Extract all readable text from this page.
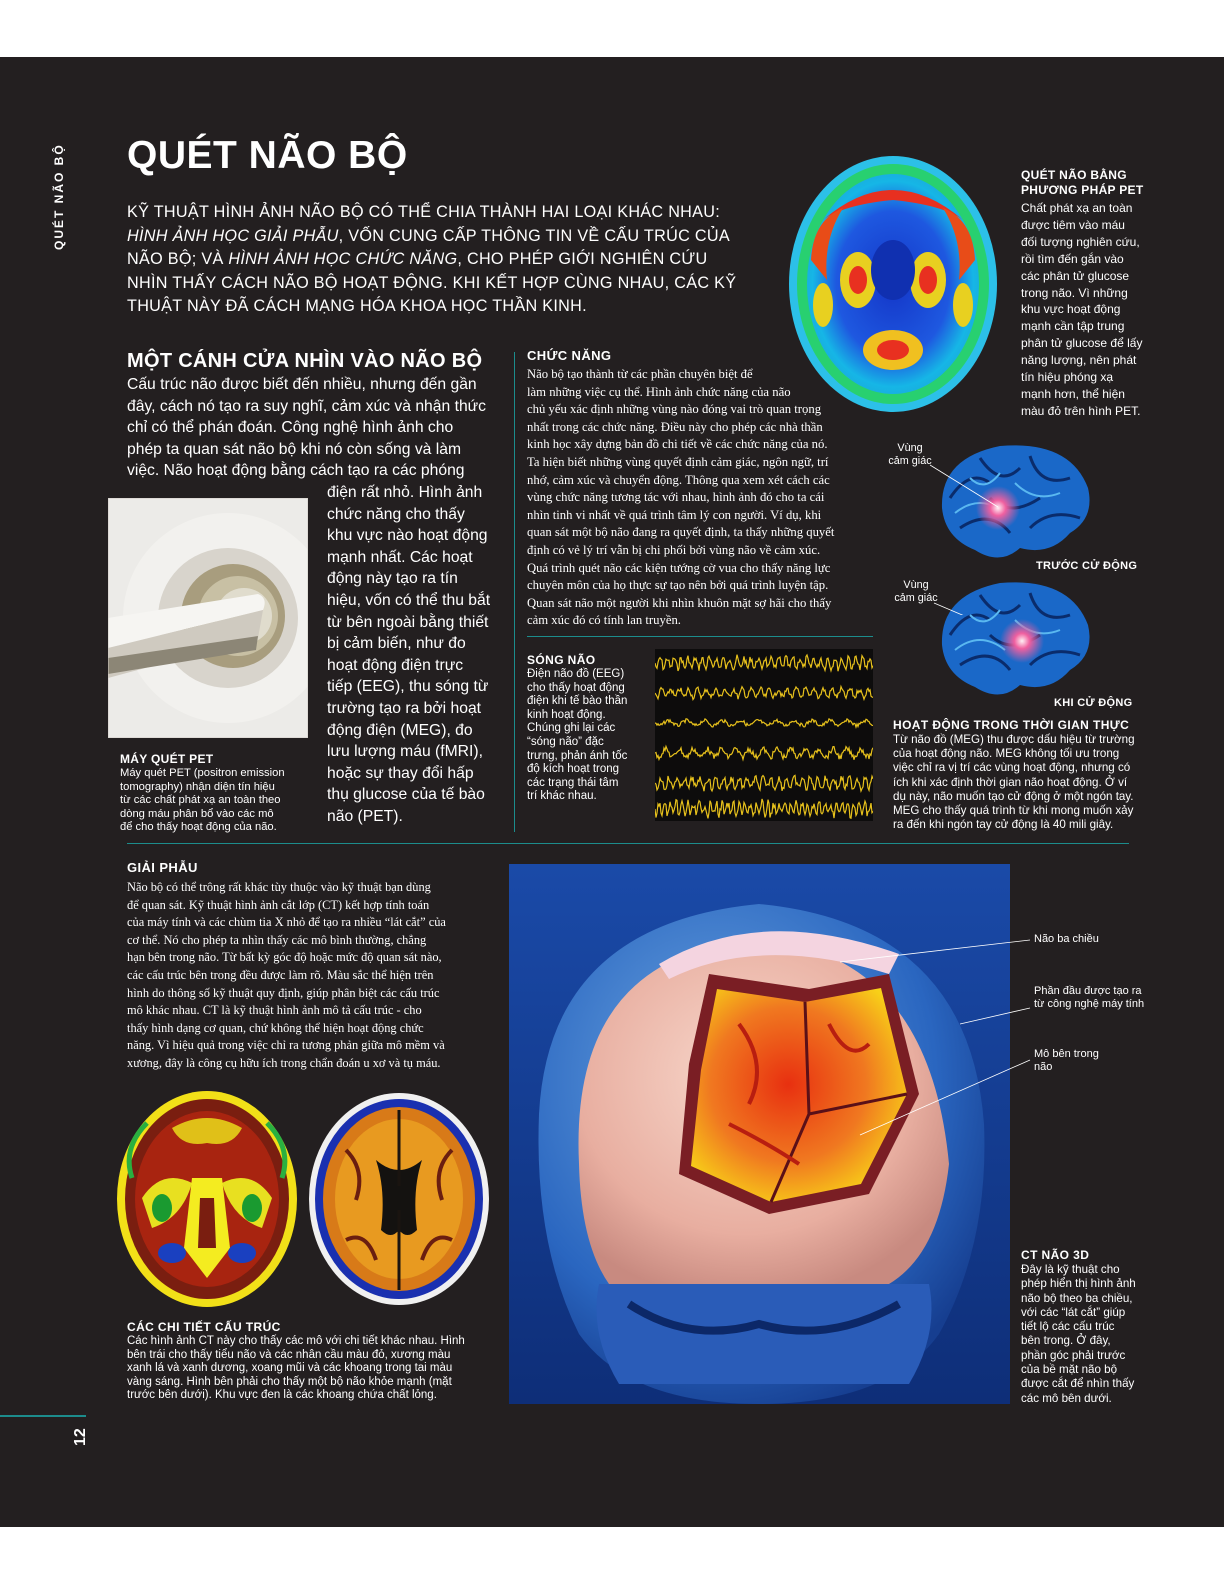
QUÉT NÃO BỘ
12
QUÉT NÃO BỘ
KỸ THUẬT HÌNH ẢNH NÃO BỘ CÓ THỂ CHIA THÀNH HAI LOẠI KHÁC NHAU: HÌNH ẢNH HỌC GIẢI PHẪU, VỐN CUNG CẤP THÔNG TIN VỀ CẤU TRÚC CỦA NÃO BỘ; VÀ HÌNH ẢNH HỌC CHỨC NĂNG, CHO PHÉP GIỚI NGHIÊN CỨU NHÌN THẤY CÁCH NÃO BỘ HOẠT ĐỘNG. KHI KẾT HỢP CÙNG NHAU, CÁC KỸ THUẬT NÀY ĐÃ CÁCH MẠNG HÓA KHOA HỌC THẦN KINH.
QUÉT NÃO BẰNG
PHƯƠNG PHÁP PET
Chất phát xạ an toàn
được tiêm vào máu
đối tượng nghiên cứu,
rồi tìm đến gắn vào
các phân tử glucose
trong não. Vì những
khu vực hoạt động
mạnh cần tập trung
phân tử glucose để lấy
năng lượng, nên phát
tín hiệu phóng xạ
mạnh hơn, thể hiện
màu đỏ trên hình PET.
MỘT CÁNH CỬA NHÌN VÀO NÃO BỘ
Cấu trúc não được biết đến nhiều, nhưng đến gần
đây, cách nó tạo ra suy nghĩ, cảm xúc và nhận thức
chỉ có thể phán đoán. Công nghệ hình ảnh cho
phép ta quan sát não bộ khi nó còn sống và làm
việc. Não hoạt động bằng cách tạo ra các phóng
điện rất nhỏ. Hình ảnh
chức năng cho thấy
khu vực nào hoạt động
mạnh nhất. Các hoạt
động này tạo ra tín
hiệu, vốn có thể thu bắt
từ bên ngoài bằng thiết
bị cảm biến, như đo
hoạt động điện trực
tiếp (EEG), thu sóng từ
trường tạo ra bởi hoạt
động điện (MEG), đo
lưu lượng máu (fMRI),
hoặc sự thay đổi hấp
thụ glucose của tế bào
não (PET).
MÁY QUÉT PET
Máy quét PET (positron emission
tomography) nhận diện tín hiệu
từ các chất phát xạ an toàn theo
dòng máu phân bổ vào các mô
để cho thấy hoạt động của não.
CHỨC NĂNG
Não bộ tạo thành từ các phần chuyên biệt để
làm những việc cụ thể. Hình ảnh chức năng của não
chủ yếu xác định những vùng nào đóng vai trò quan trọng
nhất trong các chức năng. Điều này cho phép các nhà thần
kinh học xây dựng bản đồ chi tiết về các chức năng của nó.
Ta hiện biết những vùng quyết định cảm giác, ngôn ngữ, trí
nhớ, cảm xúc và chuyển động. Thông qua xem xét cách các
vùng chức năng tương tác với nhau, hình ảnh đó cho ta cái
nhìn tinh vi nhất về quá trình tâm lý con người. Ví dụ, khi
quan sát một bộ não đang ra quyết định, ta thấy những quyết
định có vẻ lý trí vẫn bị chi phối bởi vùng não về cảm xúc.
Quá trình quét não các kiện tướng cờ vua cho thấy năng lực
chuyên môn của họ thực sự tạo nên bởi quá trình luyện tập.
Quan sát não một người khi nhìn khuôn mặt sợ hãi cho thấy
cảm xúc đó có tính lan truyền.
Vùng
cảm giác
TRƯỚC CỬ ĐỘNG
Vùng
cảm giác
KHI CỬ ĐỘNG
SÓNG NÃO
Điện não đồ (EEG)
cho thấy hoạt động
điện khi tế bào thần
kinh hoạt động.
Chúng ghi lại các
“sóng não” đặc
trưng, phản ánh tốc
độ kích hoạt trong
các trạng thái tâm
trí khác nhau.
HOẠT ĐỘNG TRONG THỜI GIAN THỰC
Từ não đồ (MEG) thu được dấu hiệu từ trường
của hoạt động não. MEG không tối ưu trong
việc chỉ ra vị trí các vùng hoạt động, nhưng có
ích khi xác định thời gian não hoạt động. Ở ví
dụ này, não muốn tạo cử động ở một ngón tay.
MEG cho thấy quá trình từ khi mong muốn xảy
ra đến khi ngón tay cử động là 40 mili giây.
GIẢI PHẪU
Não bộ có thể trông rất khác tùy thuộc vào kỹ thuật bạn dùng
để quan sát. Kỹ thuật hình ảnh cắt lớp (CT) kết hợp tính toán
của máy tính và các chùm tia X nhỏ để tạo ra nhiều “lát cắt” của
cơ thể. Nó cho phép ta nhìn thấy các mô bình thường, chẳng
hạn bên trong não. Từ bất kỳ góc độ hoặc mức độ quan sát nào,
các cấu trúc bên trong đều được làm rõ. Màu sắc thể hiện trên
hình do thông số kỹ thuật quy định, giúp phân biệt các cấu trúc
mô khác nhau. CT là kỹ thuật hình ảnh mô tả cấu trúc - cho
thấy hình dạng cơ quan, chứ không thể hiện hoạt động chức
năng. Vì hiệu quả trong việc chỉ ra tương phản giữa mô mềm và
xương, đây là công cụ hữu ích trong chẩn đoán u xơ và tụ máu.
CÁC CHI TIẾT CẤU TRÚC
Các hình ảnh CT này cho thấy các mô với chi tiết khác nhau. Hình
bên trái cho thấy tiểu não và các nhân cầu màu đỏ, xương màu
xanh lá và xanh dương, xoang mũi và các khoang trong tai màu
vàng sáng. Hình bên phải cho thấy một bộ não khỏe mạnh (mặt
trước bên dưới). Khu vực đen là các khoang chứa chất lỏng.
Não ba chiều
Phần đầu được tạo ra
từ công nghệ máy tính
Mô bên trong
não
CT NÃO 3D
Đây là kỹ thuật cho
phép hiển thị hình ảnh
não bộ theo ba chiều,
với các “lát cắt” giúp
tiết lộ các cấu trúc
bên trong. Ở đây,
phần góc phải trước
của bề mặt não bộ
được cắt để nhìn thấy
các mô bên dưới.
